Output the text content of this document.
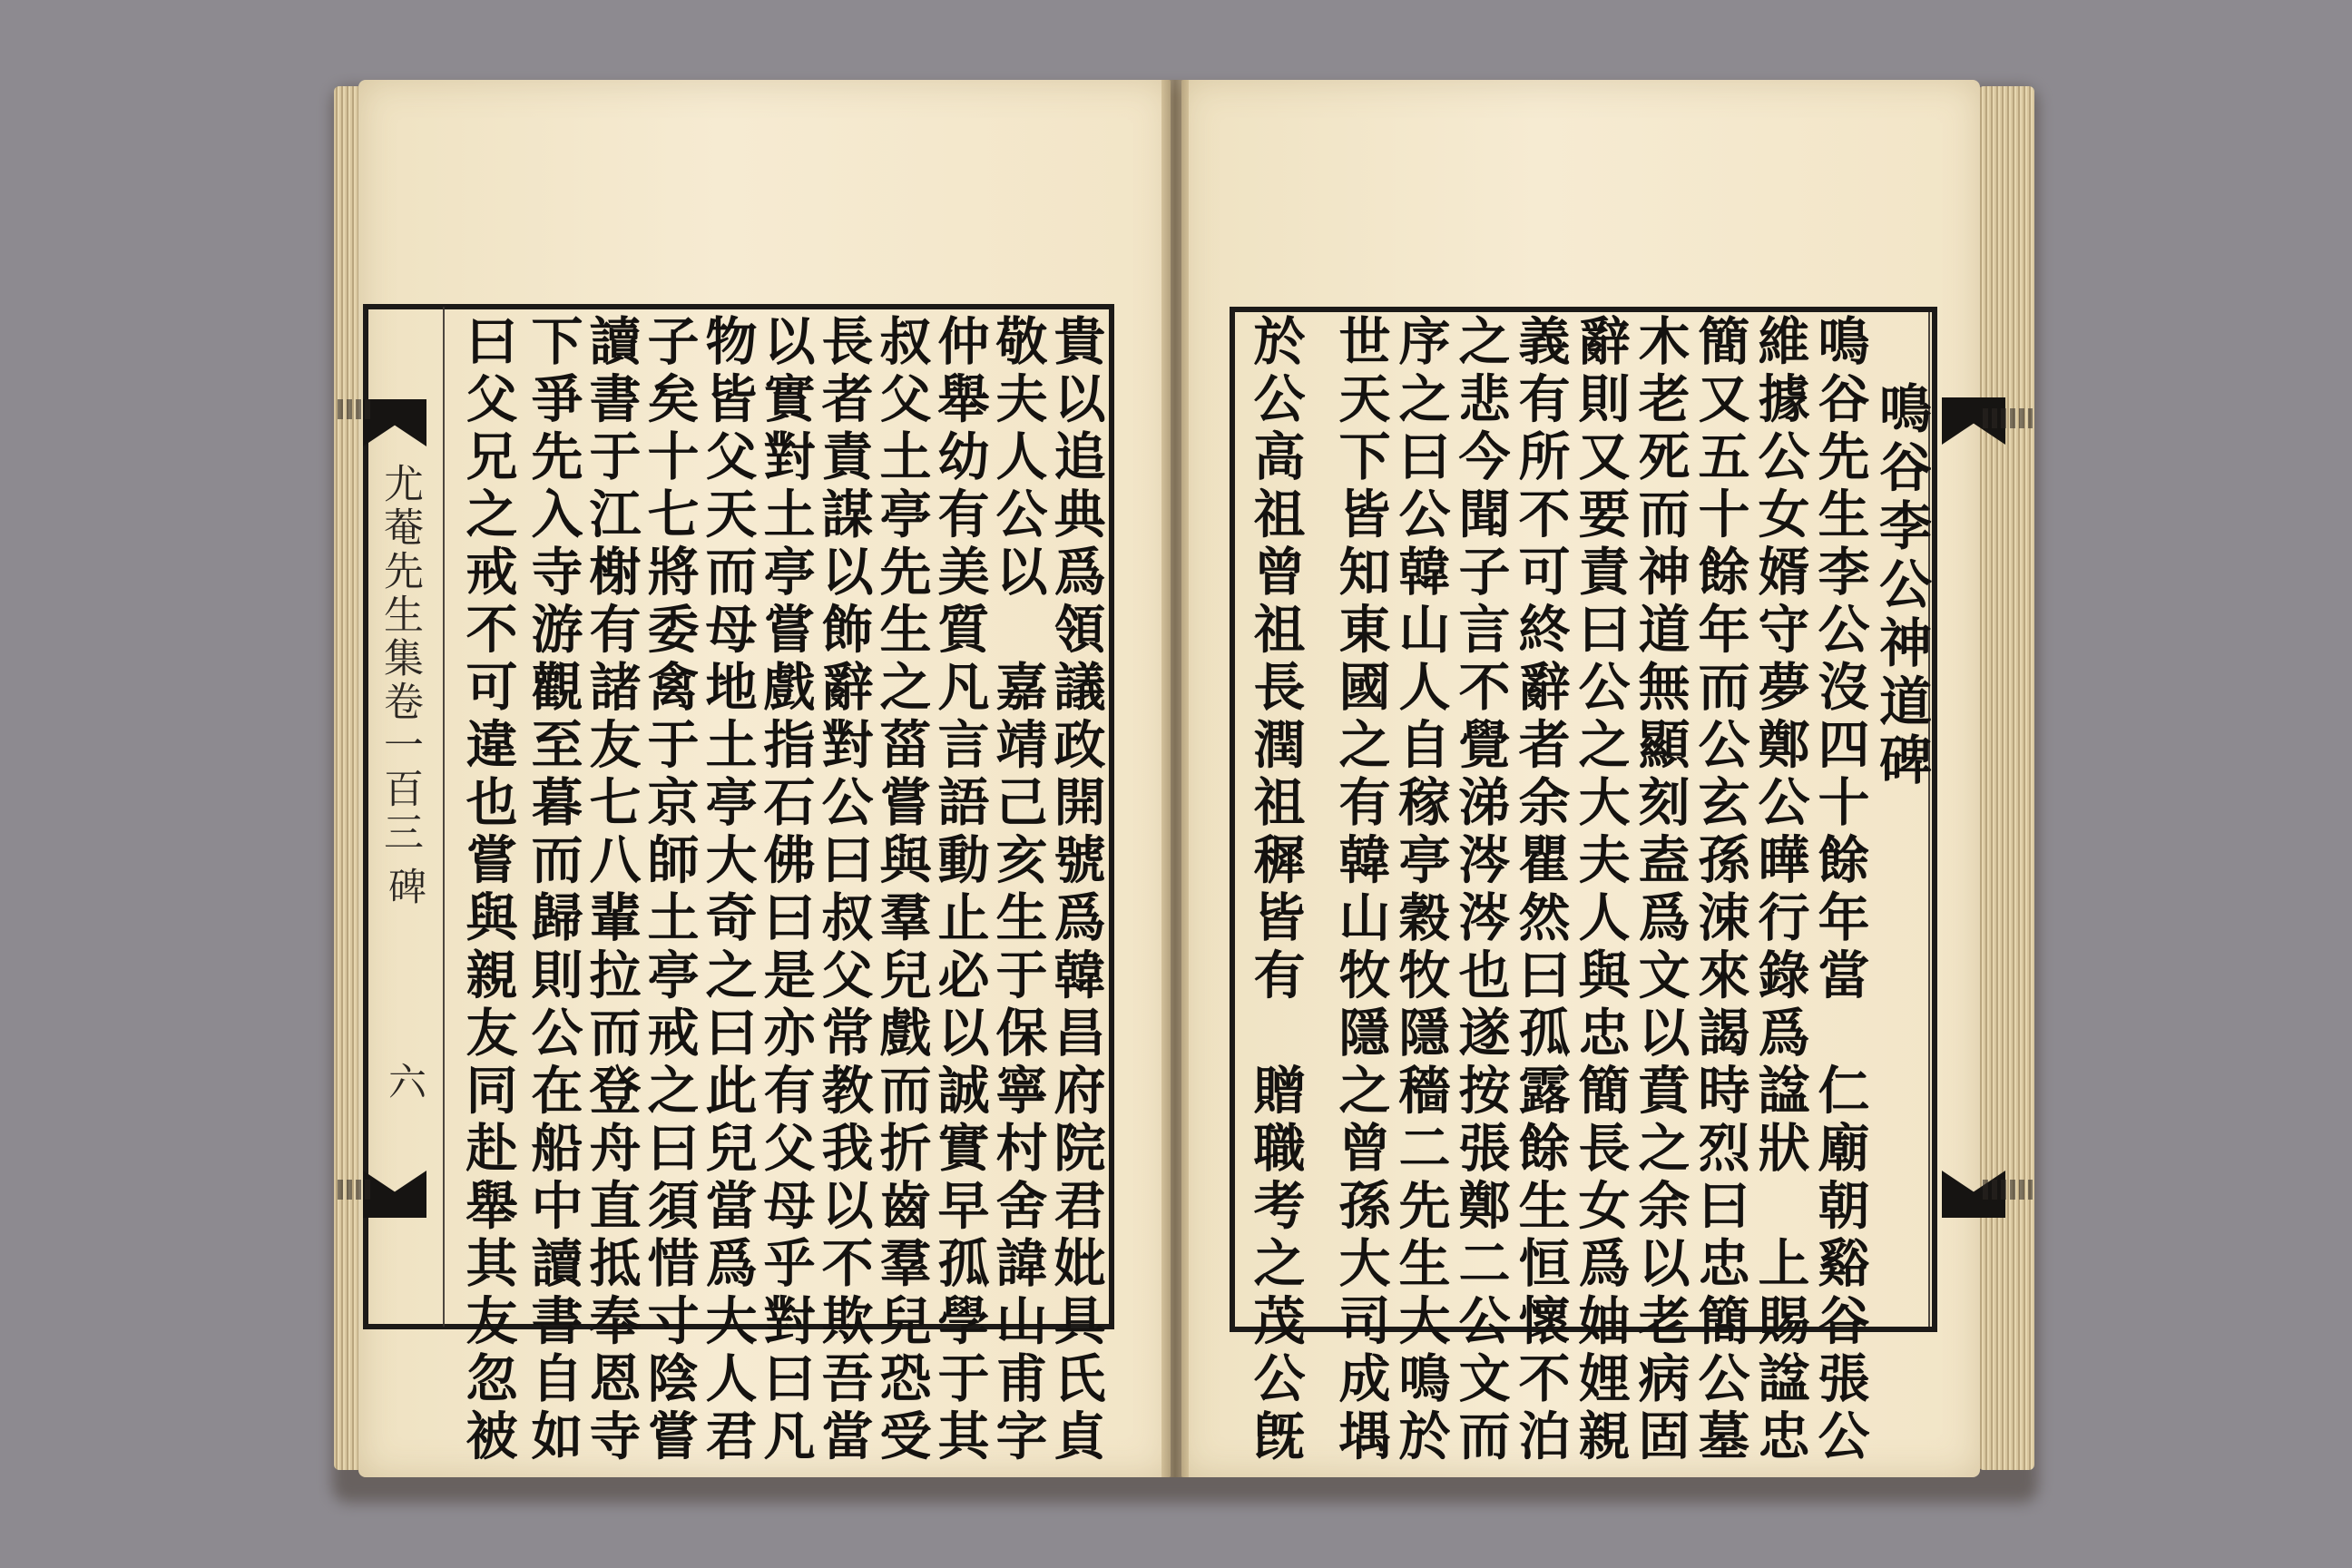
尤菴先生集卷一百三
碑
六	貴以追典爲領議政開號爲韓昌府院君妣具氏貞
敬夫人公以　嘉靖己亥生于保寧村舍諱山甫字
仲舉幼有美質凡言語動止必以誠實早孤學于其
叔父土亭先生之菑嘗與羣兒戲而折齒羣兒恐受
長者責謀以飾辭對公曰叔父常教我以不欺吾當
以實對土亭嘗戲指石佛曰是亦有父母乎對曰凡
物皆父天而母地土亭大奇之曰此兒當爲大人君
子矣十七將委禽于京師土亭戒之曰須惜寸陰嘗
讀書于江榭有諸友七八輩拉而登舟直抵奉恩寺
下爭先入寺游觀至暮而歸則公在船中讀書自如
曰父兄之戒不可違也嘗與親友同赴舉其友忽被	鳴谷李公神道碑
鳴谷先生李公沒四十餘年當　仁廟朝谿谷張公
維據公女婿守夢鄭公曄行錄爲諡狀　上賜諡忠
簡又五十餘年而公玄孫涑來謁時烈曰忠簡公墓
木老死而神道無顯刻盍爲文以賁之余以老病固
辭則又要責曰公之大夫人與忠簡長女爲妯娌親
義有所不可終辭者余瞿然曰孤露餘生恒懷不泊
之悲今聞子言不覺涕涔涔也遂按張鄭二公文而
序之曰公韓山人自稼亭穀牧隱穡二先生大鳴於
世天下皆知東國之有韓山牧隱之曾孫大司成堣
於公高祖曾祖長潤祖穉皆有　贈職考之茂公旣
